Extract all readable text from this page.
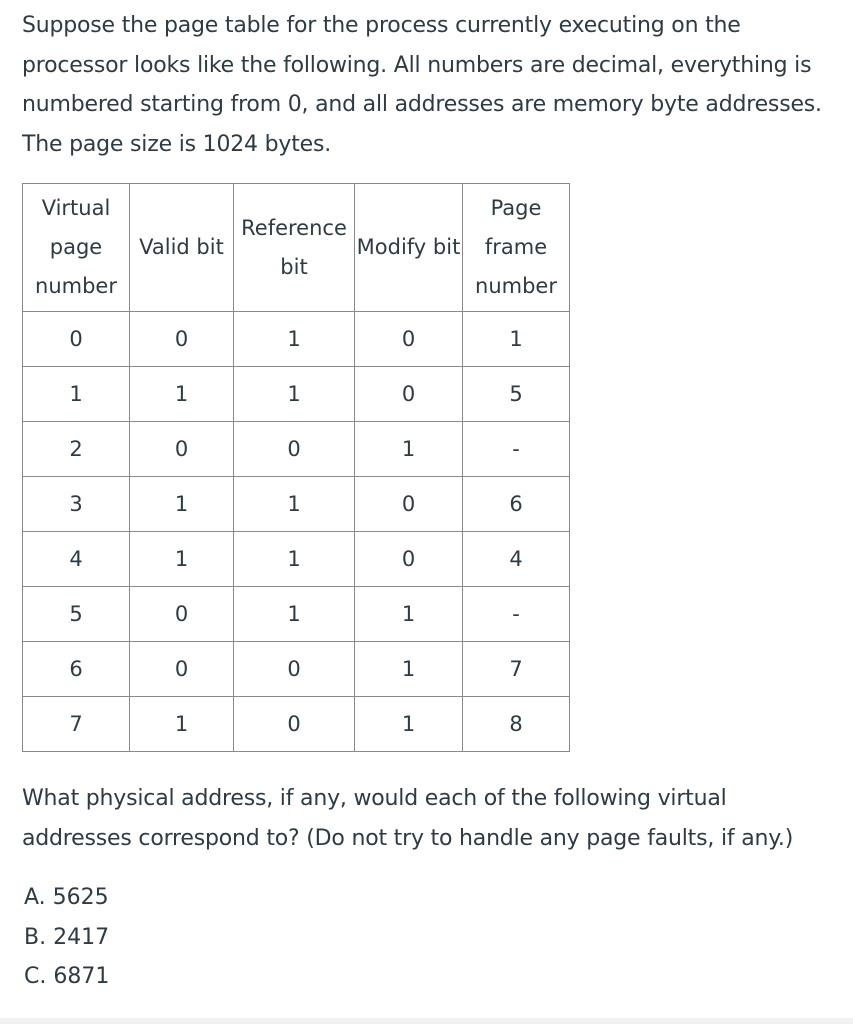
Suppose the page table for the process currently executing on the processor looks like the following. All numbers are decimal, everything is numbered starting from 0, and all addresses are memory byte addresses. The page size is 1024 bytes.

Virtual page number	Valid bit	Reference bit	Modify bit	Page frame number
0	0	1	0	1
1	1	1	0	5
2	0	0	1	-
3	1	1	0	6
4	1	1	0	4
5	0	1	1	-
6	0	0	1	7
7	1	0	1	8

What physical address, if any, would each of the following virtual addresses correspond to? (Do not try to handle any page faults, if any.)

A. 5625
B. 2417
C. 6871
